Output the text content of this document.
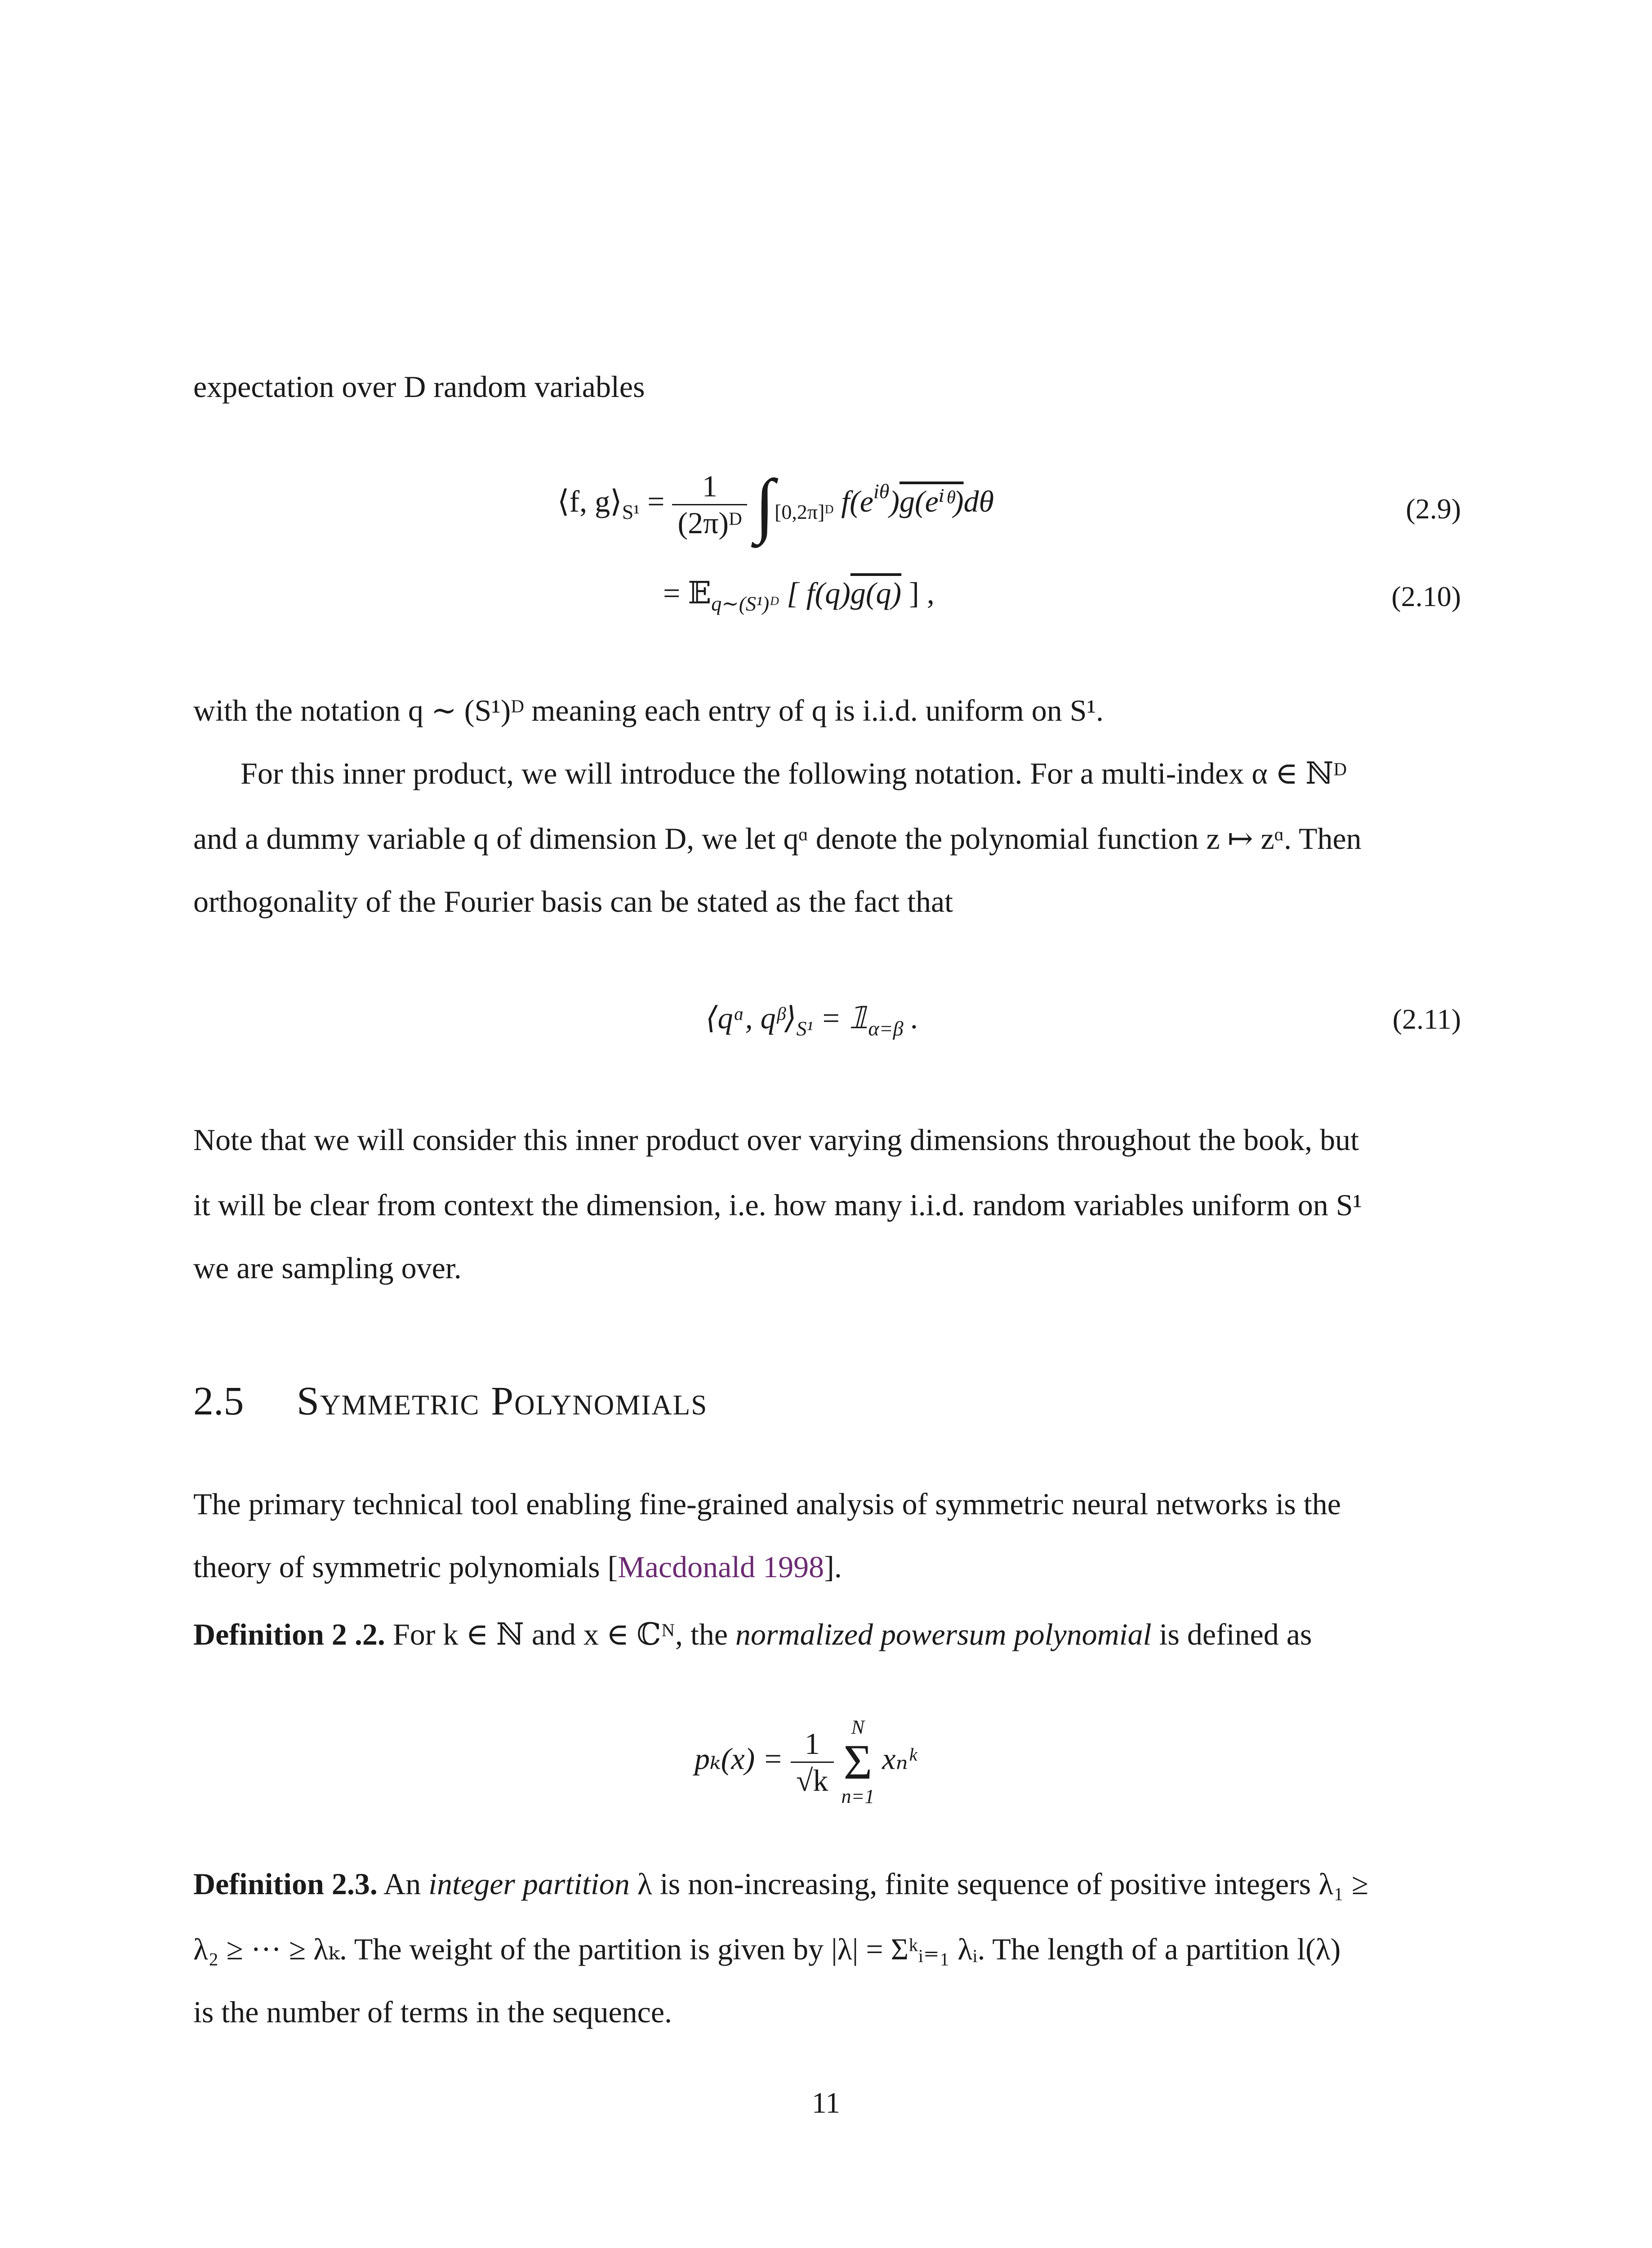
expectation over D random variables
⟨f, $g⟩_{S^1} = \frac{1}{\text{(2π)ᴰ}} \int_{[0,2\pi]ᴰ}$ $f(e^{i\theta})g(e^iᶿ)d\theta$	(2.9)
= 𝔼$_{q\sim(S^1)ᴰ}$ [ f(q)g(q) ] ,	(2.10)
with the notation q ∼ (S¹)ᴰ meaning each entry of q is i.i.d. uniform on S¹.
For this inner product, we will introduce the following notation. For a multi-index α ∈ ℕᴰ
and a dummy variable q of dimension D, we let qᵅ denote the polynomial function z ↦ zᵅ. Then
orthogonality of the Fourier basis can be stated as the fact that
⟨qᵅ, $qᵝ⟩_{S^1}$ = $𝟙_{\alpha=\beta}$ .	(2.11)
Note that we will consider this inner product over varying dimensions throughout the book, but
it will be clear from context the dimension, i.e. how many i.i.d. random variables uniform on S¹
we are sampling over.
2.5 Symmetric Polynomials
The primary technical tool enabling fine-grained analysis of symmetric neural networks is the
theory of symmetric polynomials [Macdonald 1998].
Definition 2 .2. For k ∈ ℕ and x ∈ ℂᴺ, the normalized powersum polynomial is defined as
$p_k(x) = \frac{1}{√k}$
N
Σ
n=1
xₙᵏ
Definition 2.3. An integer partition λ is non-increasing, finite sequence of positive integers λ₁ ≥
λ₂ ≥ ··· ≥ λₖ. The weight of the partition is given by |λ| = Σᵏᵢ₌₁ λᵢ. The length of a partition l(λ)
is the number of terms in the sequence.
11
